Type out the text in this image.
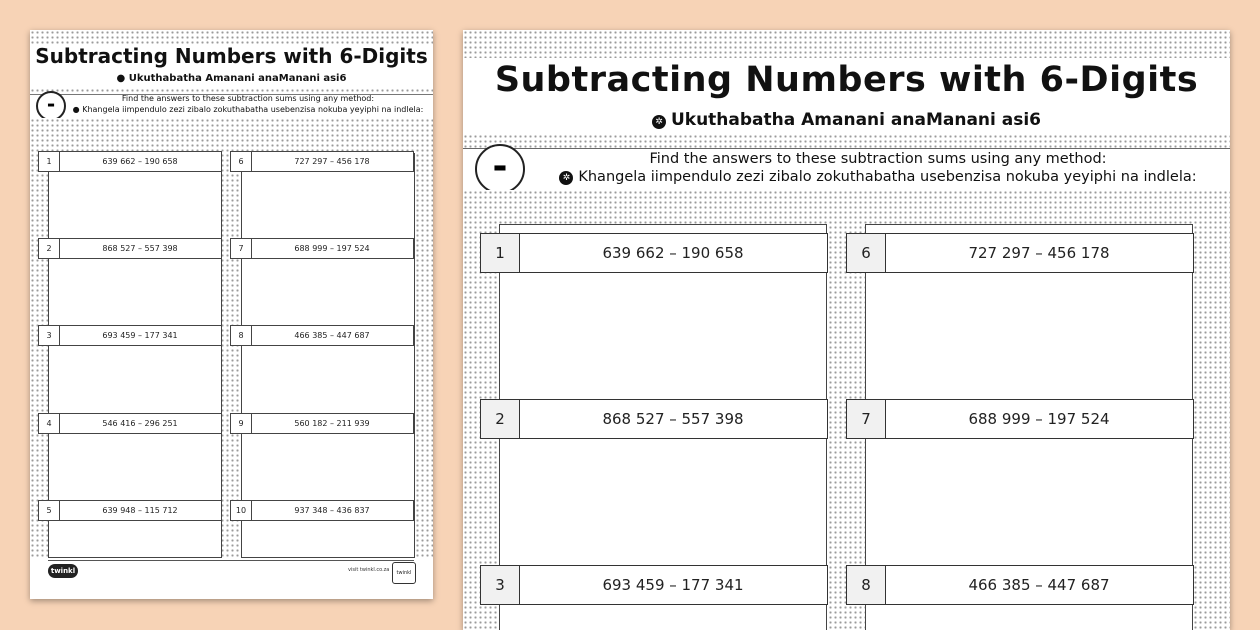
Subtracting Numbers with 6-Digits
● Ukuthabatha Amanani anaManani asi6
-	Find the answers to these subtraction sums using any method:
● Khangela iimpendulo zezi zibalo zokuthabatha usebenzisa nokuba yeyiphi na indlela:
1	639 662 – 190 658
2	868 527 – 557 398
3	693 459 – 177 341
4	546 416 – 296 251
5	639 948 – 115 712
6	727 297 – 456 178
7	688 999 – 197 524
8	466 385 – 447 687
9	560 182 – 211 939
10	937 348 – 436 837
twinkl	visit twinkl.co.za	twinkl
Subtracting Numbers with 6-Digits
✲ Ukuthabatha Amanani anaManani asi6
-	Find the answers to these subtraction sums using any method:
✲ Khangela iimpendulo zezi zibalo zokuthabatha usebenzisa nokuba yeyiphi na indlela:
1	639 662 – 190 658
2	868 527 – 557 398
3	693 459 – 177 341
6	727 297 – 456 178
7	688 999 – 197 524
8	466 385 – 447 687
